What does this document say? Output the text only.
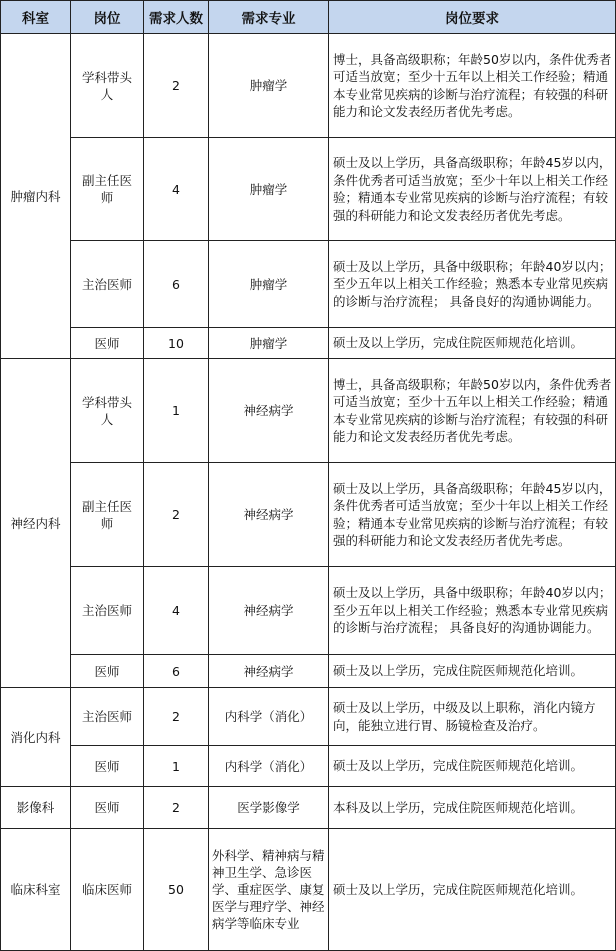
科室	岗位	需求人数	需求专业	岗位要求
肿瘤内科	学科带头人	2	肿瘤学	博士，具备高级职称；年龄50岁以内，条件优秀者可适当放宽；至少十五年以上相关工作经验；精通本专业常见疾病的诊断与治疗流程；有较强的科研能力和论文发表经历者优先考虑。
	副主任医师	4	肿瘤学	硕士及以上学历，具备高级职称；年龄45岁以内，条件优秀者可适当放宽；至少十年以上相关工作经验；精通本专业常见疾病的诊断与治疗流程；有较强的科研能力和论文发表经历者优先考虑。
	主治医师	6	肿瘤学	硕士及以上学历，具备中级职称；年龄40岁以内；至少五年以上相关工作经验；熟悉本专业常见疾病的诊断与治疗流程； 具备良好的沟通协调能力。
	医师	10	肿瘤学	硕士及以上学历，完成住院医师规范化培训。
神经内科	学科带头人	1	神经病学	博士，具备高级职称；年龄50岁以内，条件优秀者可适当放宽；至少十五年以上相关工作经验；精通本专业常见疾病的诊断与治疗流程；有较强的科研能力和论文发表经历者优先考虑。
	副主任医师	2	神经病学	硕士及以上学历，具备高级职称；年龄45岁以内，条件优秀者可适当放宽；至少十年以上相关工作经验；精通本专业常见疾病的诊断与治疗流程；有较强的科研能力和论文发表经历者优先考虑。
	主治医师	4	神经病学	硕士及以上学历，具备中级职称；年龄40岁以内；至少五年以上相关工作经验；熟悉本专业常见疾病的诊断与治疗流程； 具备良好的沟通协调能力。
	医师	6	神经病学	硕士及以上学历，完成住院医师规范化培训。
消化内科	主治医师	2	内科学（消化）	硕士及以上学历，中级及以上职称，消化内镜方向，能独立进行胃、肠镜检查及治疗。
	医师	1	内科学（消化）	硕士及以上学历，完成住院医师规范化培训。
影像科	医师	2	医学影像学	本科及以上学历，完成住院医师规范化培训。
临床科室	临床医师	50	外科学、精神病与精神卫生学、急诊医学、重症医学、康复医学与理疗学、神经病学等临床专业	硕士及以上学历，完成住院医师规范化培训。
